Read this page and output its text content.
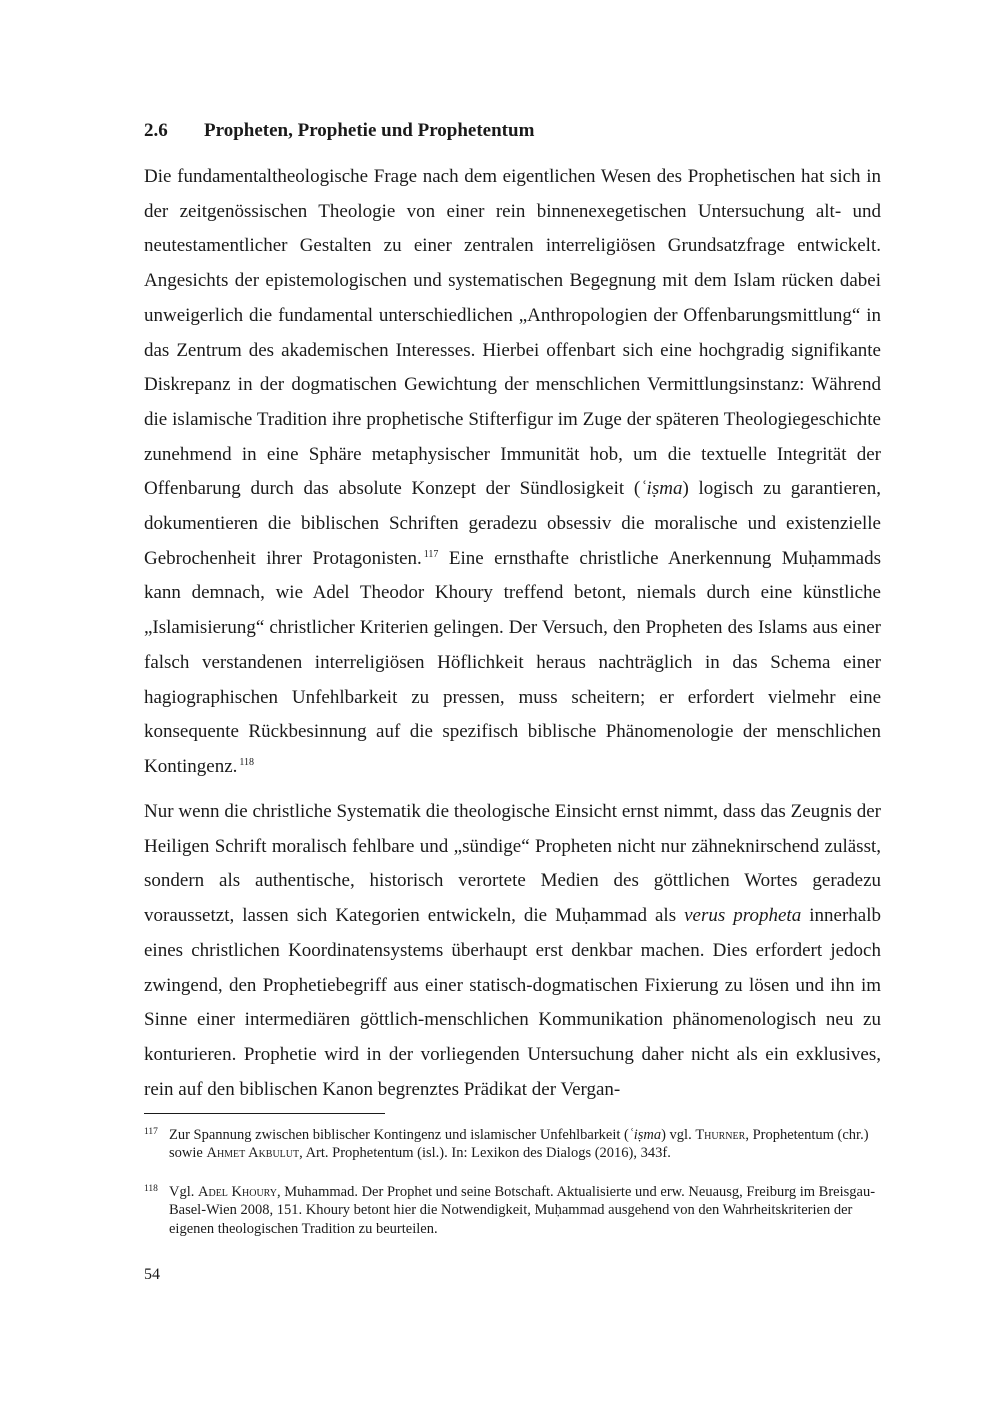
2.6 Propheten, Prophetie und Prophetentum

Die fundamentaltheologische Frage nach dem eigentlichen Wesen des Prophetischen hat sich in der zeitgenössischen Theologie von einer rein binnenexegetischen Untersuchung alt- und neutestamentlicher Gestalten zu einer zentralen interreligiösen Grundsatzfrage entwickelt. Angesichts der epistemologischen und systematischen Begegnung mit dem Islam rücken dabei unweigerlich die fundamental unterschiedlichen „Anthropologien der Offenbarungsmittlung“ in das Zentrum des akademischen Interesses. Hierbei offenbart sich eine hochgradig signifikante Diskrepanz in der dogmatischen Gewichtung der menschlichen Vermittlungsinstanz: Während die islamische Tradition ihre prophetische Stifterfigur im Zuge der späteren Theologiegeschichte zunehmend in eine Sphäre metaphysischer Immunität hob, um die textuelle Integrität der Offenbarung durch das absolute Konzept der Sündlosigkeit (ʿiṣma) logisch zu garantieren, dokumentieren die biblischen Schriften geradezu obsessiv die moralische und existenzielle Gebrochenheit ihrer Protagonisten. $^{117}$ Eine ernsthafte christliche Anerkennung Muḥammads kann demnach, wie Adel Theodor Khoury treffend betont, niemals durch eine künstliche „Islamisierung“ christlicher Kriterien gelingen. Der Versuch, den Propheten des Islams aus einer falsch verstandenen interreligiösen Höflichkeit heraus nachträglich in das Schema einer hagiographischen Unfehlbarkeit zu pressen, muss scheitern; er erfordert vielmehr eine konsequente Rückbesinnung auf die spezifisch biblische Phänomenologie der menschlichen Kontingenz. $^{118}$

Nur wenn die christliche Systematik die theologische Einsicht ernst nimmt, dass das Zeugnis der Heiligen Schrift moralisch fehlbare und „sündige“ Propheten nicht nur zähneknirschend zulässt, sondern als authentische, historisch verortete Medien des göttlichen Wortes geradezu voraussetzt, lassen sich Kategorien entwickeln, die Muḥammad als verus propheta innerhalb eines christlichen Koordinatensystems überhaupt erst denkbar machen. Dies erfordert jedoch zwingend, den Prophetiebegriff aus einer statisch-dogmatischen Fixierung zu lösen und ihn im Sinne einer intermediären göttlich-menschlichen Kommunikation phänomenologisch neu zu konturieren. Prophetie wird in der vorliegenden Untersuchung daher nicht als ein exklusives, rein auf den biblischen Kanon begrenztes Prädikat der Vergan-

117 Zur Spannung zwischen biblischer Kontingenz und islamischer Unfehlbarkeit (ʿiṣma) vgl. Thurner, Prophetentum (chr.) sowie Ahmet Akbulut, Art. Prophetentum (isl.). In: Lexikon des Dialogs (2016), 343f.
118 Vgl. Adel Khoury, Muhammad. Der Prophet und seine Botschaft. Aktualisierte und erw. Neuausg, Freiburg im Breisgau-Basel-Wien 2008, 151. Khoury betont hier die Notwendigkeit, Muḥammad ausgehend von den Wahrheitskriterien der eigenen theologischen Tradition zu beurteilen.
54
